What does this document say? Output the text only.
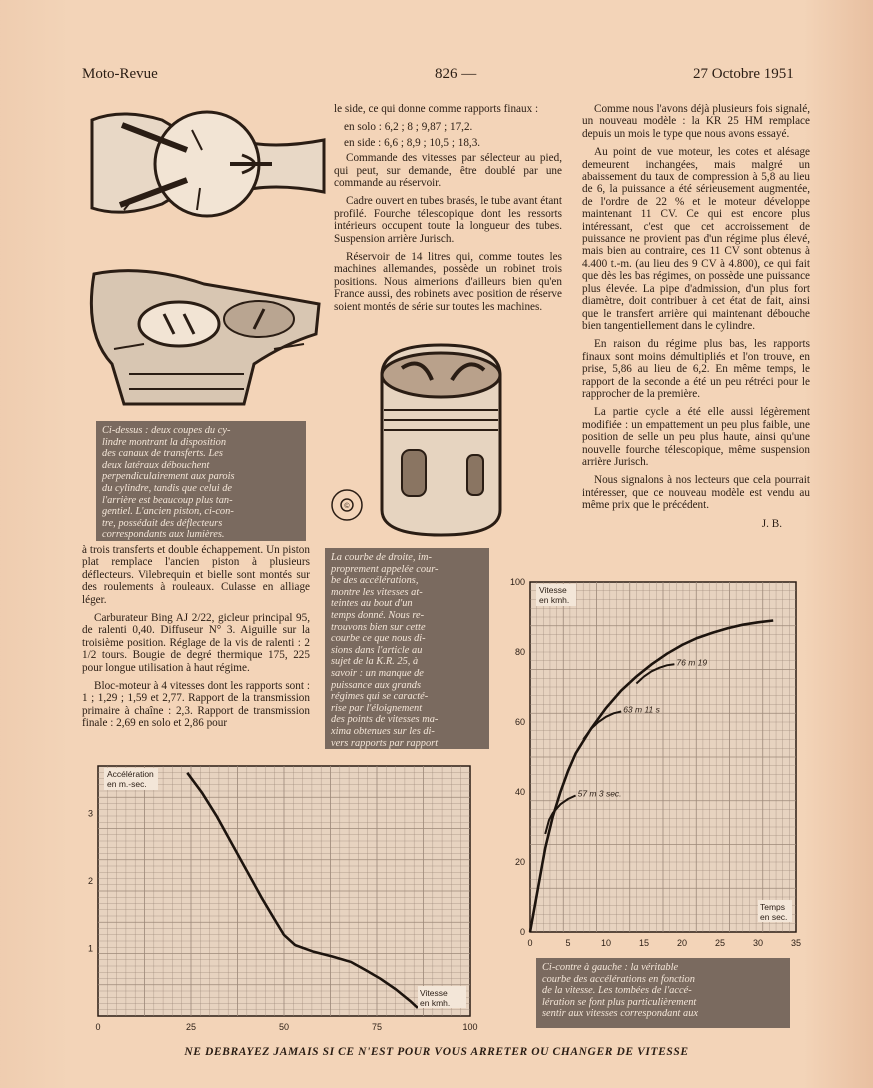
Moto-Revue	826 —	27 Octobre 1951
Ci-dessus : deux coupes du cy-
lindre montrant la disposition
des canaux de transferts. Les
deux latéraux débouchent
perpendiculairement aux parois
du cylindre, tandis que celui de
l'arrière est beaucoup plus tan-
gentiel. L'ancien piston, ci-con-
tre, possédait des déflecteurs
correspondants aux lumières.

à trois transferts et double échappement. Un piston plat remplace l'ancien piston à plusieurs déflecteurs. Vilebrequin et bielle sont montés sur des roulements à rouleaux. Culasse en alliage léger.

Carburateur Bing AJ 2/22, gicleur principal 95, de ralenti 0,40. Diffuseur N° 3. Aiguille sur la troisième position. Réglage de la vis de ralenti : 2 1/2 tours. Bougie de degré thermique 175, 225 pour longue utilisation à haut régime.

Bloc-moteur à 4 vitesses dont les rapports sont : 1 ; 1,29 ; 1,59 et 2,77. Rapport de la transmission primaire à chaîne : 2,3. Rapport de transmission finale : 2,69 en solo et 2,86 pour

le side, ce qui donne comme rapports finaux :

en solo : 6,2 ; 8 ; 9,87 ; 17,2.

en side : 6,6 ; 8,9 ; 10,5 ; 18,3.

Commande des vitesses par sélecteur au pied, qui peut, sur demande, être doublé par une commande au réservoir.

Cadre ouvert en tubes brasés, le tube avant étant profilé. Fourche télescopique dont les ressorts intérieurs occupent toute la longueur des tubes. Suspension arrière Jurisch.

Réservoir de 14 litres qui, comme toutes les machines allemandes, possède un robinet trois positions. Nous aimerions d'ailleurs bien qu'en France aussi, des robinets avec position de réserve soient montés de série sur toutes les machines.

©
La courbe de droite, im-
proprement appelée cour-
be des accélérations,
montre les vitesses at-
teintes au bout d'un
temps donné. Nous re-
trouvons bien sur cette
courbe ce que nous di-
sions dans l'article au
sujet de la K.R. 25, à
savoir : un manque de
puissance aux grands
régimes qui se caracté-
rise par l'éloignement
des points de vitesses ma-
xima obtenues sur les di-
vers rapports par rapport

Comme nous l'avons déjà plusieurs fois signalé, un nouveau modèle : la KR 25 HM remplace depuis un mois le type que nous avons essayé.

Au point de vue moteur, les cotes et alésage demeurent inchangées, mais malgré un abaissement du taux de compression à 5,8 au lieu de 6, la puissance a été sérieusement augmentée, de l'ordre de 22 % et le moteur développe maintenant 11 CV. Ce qui est encore plus intéressant, c'est que cet accroissement de puissance ne provient pas d'un régime plus élevé, mais bien au contraire, ces 11 CV sont obtenus à 4.400 t.-m. (au lieu des 9 CV à 4.800), ce qui fait que dès les bas régimes, on possède une puissance plus élevée. La pipe d'admission, d'un plus fort diamètre, doit contribuer à cet état de fait, ainsi que le transfert arrière qui maintenant débouche bien tangentiellement dans le cylindre.

En raison du régime plus bas, les rapports finaux sont moins démultipliés et l'on trouve, en prise, 5,86 au lieu de 6,2. En même temps, le rapport de la seconde a été un peu rétréci pour le rapprocher de la première.

La partie cycle a été elle aussi légèrement modifiée : un empattement un peu plus faible, une position de selle un peu plus haute, ainsi qu'une nouvelle fourche télescopique, même suspension arrière Jurisch.

Nous signalons à nos lecteurs que cela pourrait intéresser, que ce nouveau modèle est vendu au même prix que le précédent.

J. B.
0	25	50	75	100
1
2
3
Accélération
en m.-sec.
Vitesse
en kmh.
0	5	10	15	20	25	30	35
0
20
40
60
80
100
Vitesse
en kmh.
Temps
en sec.
57 m 3 sec.
63 m 11 s
76 m 19
Ci-contre à gauche : la véritable
courbe des accélérations en fonction
de la vitesse. Les tombées de l'accé-
lération se font plus particulièrement
sentir aux vitesses correspondant aux
NE DEBRAYEZ JAMAIS SI CE N'EST POUR VOUS ARRETER OU CHANGER DE VITESSE
